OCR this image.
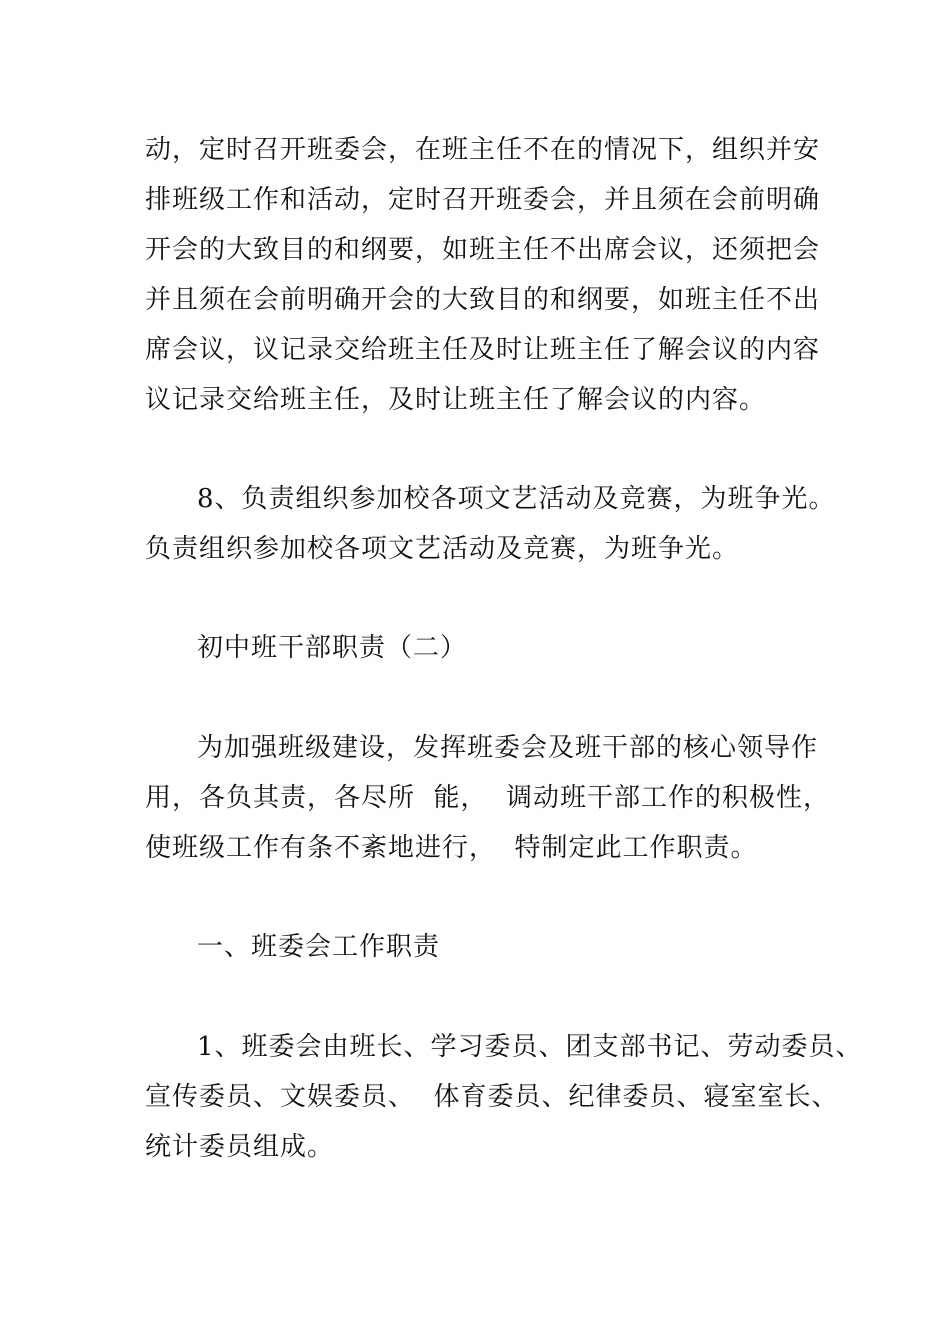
动，定时召开班委会，在班主任不在的情况下，组织并安
排班级工作和活动，定时召开班委会，并且须在会前明确
开会的大致目的和纲要，如班主任不出席会议，还须把会
并且须在会前明确开会的大致目的和纲要，如班主任不出
席会议，议记录交给班主任及时让班主任了解会议的内容
议记录交给班主任，及时让班主任了解会议的内容。
8、负责组织参加校各项文艺活动及竞赛，为班争光。
负责组织参加校各项文艺活动及竞赛，为班争光。
初中班干部职责（二）
为加强班级建设，发挥班委会及班干部的核心领导作
用，各负其责，各尽所  能，  调动班干部工作的积极性，
使班级工作有条不紊地进行，  特制定此工作职责。
一、班委会工作职责
1、班委会由班长、学习委员、团支部书记、劳动委员、
宣传委员、文娱委员、  体育委员、纪律委员、寝室室长、
统计委员组成。
